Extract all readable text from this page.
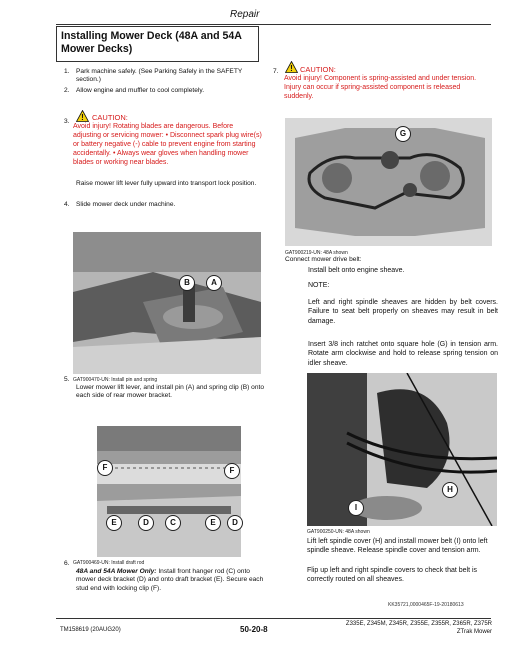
Repair
Installing Mower Deck (48A and 54A Mower Decks)
1. Park machine safely. (See Parking Safely in the SAFETY section.)
2. Allow engine and muffler to cool completely.
3. ! CAUTION:
Avoid injury! Rotating blades are dangerous. Before adjusting or servicing mower: • Disconnect spark plug wire(s) or battery negative (-) cable to prevent engine from starting accidentally. • Always wear gloves when handling mower blades or working near blades.
Raise mower lift lever fully upward into transport lock position.
4. Slide mower deck under machine.
B	A
GAT900470-UN: Install pin and spring
5.
Lower mower lift lever, and install pin (A) and spring clip (B) onto each side of rear mower bracket.
F	F
E	D	C	E	D
GAT900469-UN: Install draft rod
6.
48A and 54A Mower Only: Install front hanger rod (C) onto mower deck bracket (D) and onto draft bracket (E). Secure each stud end with locking clip (F).
7. ! CAUTION:
Avoid injury! Component is spring-assisted and under tension. Injury can occur if spring-assisted component is released suddenly.
G
GAT900219-UN: 48A shown
Connect mower drive belt:
Install belt onto engine sheave.
NOTE:
Left and right spindle sheaves are hidden by belt covers. Failure to seat belt properly on sheaves may result in belt damage.
Insert 3/8 inch ratchet onto square hole (G) in tension arm. Rotate arm clockwise and hold to release spring tension on idler sheave.
H
I
GAT900250-UN: 48A shown
Lift left spindle cover (H) and install mower belt (I) onto left spindle sheave. Release spindle cover and tension arm.
Flip up left and right spindle covers to check that belt is correctly routed on all sheaves.
KK35721,0000465F-19-20180613
TM158619 (20AUG20)	50-20-8
Z335E, Z345M, Z345R, Z355E, Z355R, Z365R, Z375R
ZTrak Mower
